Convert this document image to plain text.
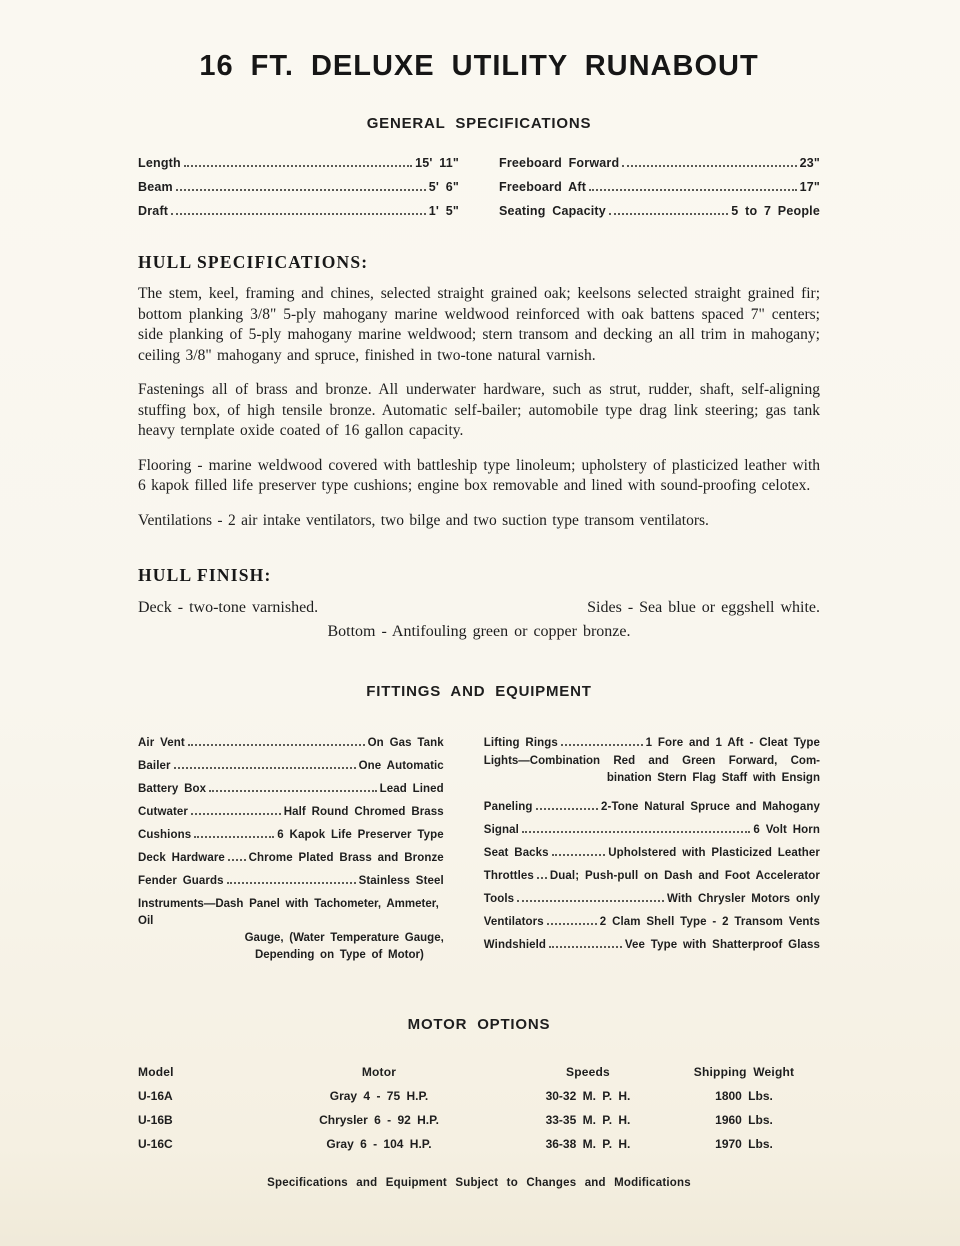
16 FT. DELUXE UTILITY RUNABOUT
GENERAL SPECIFICATIONS
Length	15' 11"
Beam	5' 6"
Draft	1' 5"
Freeboard Forward	23"
Freeboard Aft	17"
Seating Capacity	5 to 7 People
HULL SPECIFICATIONS:

The stem, keel, framing and chines, selected straight grained oak; keelsons selected straight grained fir; bottom planking 3/8" 5-ply mahogany marine weldwood reinforced with oak battens spaced 7" centers; side planking of 5-ply mahogany marine weldwood; stern transom and decking an all trim in mahogany; ceiling 3/8" mahogany and spruce, finished in two-tone natural varnish.

Fastenings all of brass and bronze. All underwater hardware, such as strut, rudder, shaft, self-aligning stuffing box, of high tensile bronze. Automatic self-bailer; automobile type drag link steering; gas tank heavy ternplate oxide coated of 16 gallon capacity.

Flooring - marine weldwood covered with battleship type linoleum; upholstery of plasticized leather with 6 kapok filled life preserver type cushions; engine box removable and lined with sound-proofing celotex.

Ventilations - 2 air intake ventilators, two bilge and two suction type transom ventilators.

HULL FINISH:
Deck - two-tone varnished.	Sides - Sea blue or eggshell white.
Bottom - Antifouling green or copper bronze.
FITTINGS AND EQUIPMENT
Air Vent	On Gas Tank
Bailer	One Automatic
Battery Box	Lead Lined
Cutwater	Half Round Chromed Brass
Cushions	6 Kapok Life Preserver Type
Deck Hardware Chrome Plated Brass and Bronze
Fender Guards	Stainless Steel
Instruments—Dash Panel with Tachometer, Ammeter, Oil
Gauge, (Water Temperature Gauge,
Depending on Type of Motor)
Lifting Rings	1 Fore and 1 Aft - Cleat Type
Lights—Combination Red and Green Forward, Com-
bination Stern Flag Staff with Ensign
Paneling	2-Tone Natural Spruce and Mahogany
Signal	6 Volt Horn
Seat Backs	Upholstered with Plasticized Leather
Throttles Dual; Push-pull on Dash and Foot Accelerator
Tools	With Chrysler Motors only
Ventilators	2 Clam Shell Type - 2 Transom Vents
Windshield	Vee Type with Shatterproof Glass
MOTOR OPTIONS
Model	Motor	Speeds	Shipping Weight
U-16A	Gray 4 - 75 H.P.	30-32 M. P. H.	1800 Lbs.
U-16B	Chrysler 6 - 92 H.P.	33-35 M. P. H.	1960 Lbs.
U-16C	Gray 6 - 104 H.P.	36-38 M. P. H.	1970 Lbs.
Specifications and Equipment Subject to Changes and Modifications
